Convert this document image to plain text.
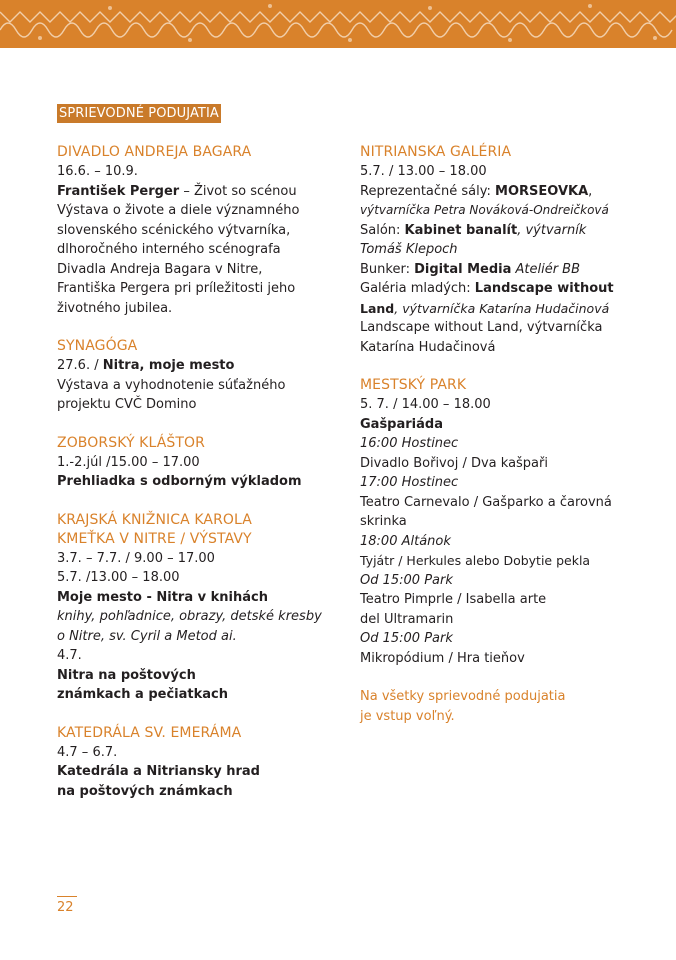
SPRIEVODNÉ PODUJATIA
DIVADLO ANDREJA BAGARA
16.6. – 10.9.
František Perger – Život so scénou
Výstava o živote a diele významného
slovenského scénického výtvarníka,
dlhoročného interného scénografa
Divadla Andreja Bagara v Nitre,
Františka Pergera pri príležitosti jeho
životného jubilea.
SYNAGÓGA
27.6. / Nitra, moje mesto
Výstava a vyhodnotenie súťažného
projektu CVČ Domino
ZOBORSKÝ KLÁŠTOR
1.-2.júl /15.00 – 17.00
Prehliadka s odborným výkladom
KRAJSKÁ KNIŽNICA KAROLA
KMEŤKA V NITRE / VÝSTAVY
3.7. – 7.7. / 9.00 – 17.00
5.7. /13.00 – 18.00
Moje mesto - Nitra v knihách
knihy, pohľadnice, obrazy, detské kresby
o Nitre, sv. Cyril a Metod ai.
4.7.
Nitra na poštových
známkach a pečiatkach
KATEDRÁLA SV. EMERÁMA
4.7 – 6.7.
Katedrála a Nitriansky hrad
na poštových známkach
NITRIANSKA GALÉRIA
5.7. / 13.00 – 18.00
Reprezentačné sály: MORSEOVKA,
výtvarníčka Petra Nováková-Ondreičková
Salón: Kabinet banalít, výtvarník
Tomáš Klepoch
Bunker: Digital Media Ateliér BB
Galéria mladých: Landscape without
Land, výtvarníčka Katarína Hudačinová
Landscape without Land, výtvarníčka
Katarína Hudačinová
MESTSKÝ PARK
5. 7. / 14.00 – 18.00
Gašpariáda
16:00 Hostinec
Divadlo Bořivoj / Dva kašpaři
17:00 Hostinec
Teatro Carnevalo / Gašparko a čarovná
skrinka
18:00 Altánok
Tyjátr / Herkules alebo Dobytie pekla
Od 15:00 Park
Teatro Pimprle / Isabella arte
del Ultramarin
Od 15:00 Park
Mikropódium / Hra tieňov
Na všetky sprievodné podujatia
je vstup voľný.
22
